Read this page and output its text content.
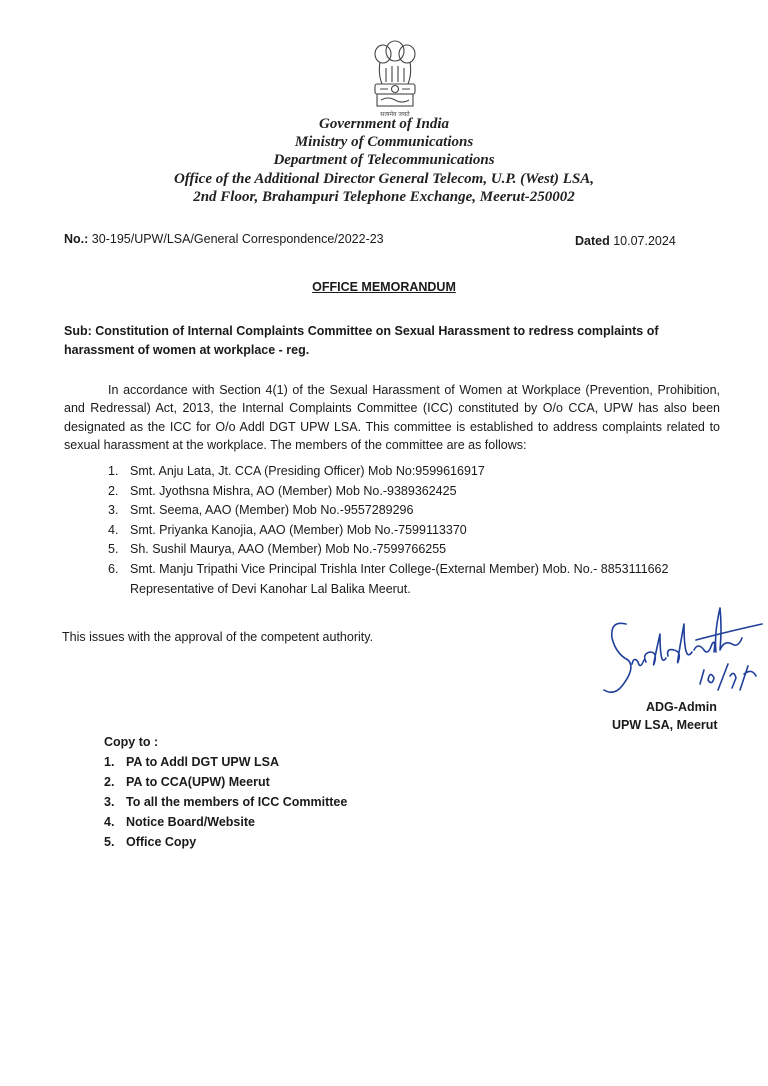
सत्यमेव जयते
Government of India
Ministry of Communications
Department of Telecommunications
Office of the Additional Director General Telecom, U.P. (West) LSA,
2nd Floor, Brahampuri Telephone Exchange, Meerut-250002
No.: 30-195/UPW/LSA/General Correspondence/2022-23	Dated 10.07.2024
OFFICE MEMORANDUM
Sub: Constitution of Internal Complaints Committee on Sexual Harassment to redress complaints of harassment of women at workplace - reg.
In accordance with Section 4(1) of the Sexual Harassment of Women at Workplace (Prevention, Prohibition, and Redressal) Act, 2013, the Internal Complaints Committee (ICC) constituted by O/o CCA, UPW has also been designated as the ICC for O/o Addl DGT UPW LSA. This committee is established to address complaints related to sexual harassment at the workplace. The members of the committee are as follows:
1. Smt. Anju Lata, Jt. CCA (Presiding Officer) Mob No:9599616917
2. Smt. Jyothsna Mishra, AO (Member) Mob No.-9389362425
3. Smt. Seema, AAO (Member) Mob No.-9557289296
4. Smt. Priyanka Kanojia, AAO (Member) Mob No.-7599113370
5. Sh. Sushil Maurya, AAO (Member) Mob No.-7599766255
6. Smt. Manju Tripathi Vice Principal Trishla Inter College-(External Member) Mob. No.- 8853111662 Representative of Devi Kanohar Lal Balika Meerut.
This issues with the approval of the competent authority.
ADG-Admin
UPW LSA, Meerut
Copy to :
1. PA to Addl DGT UPW LSA
2. PA to CCA(UPW) Meerut
3. To all the members of ICC Committee
4. Notice Board/Website
5. Office Copy
